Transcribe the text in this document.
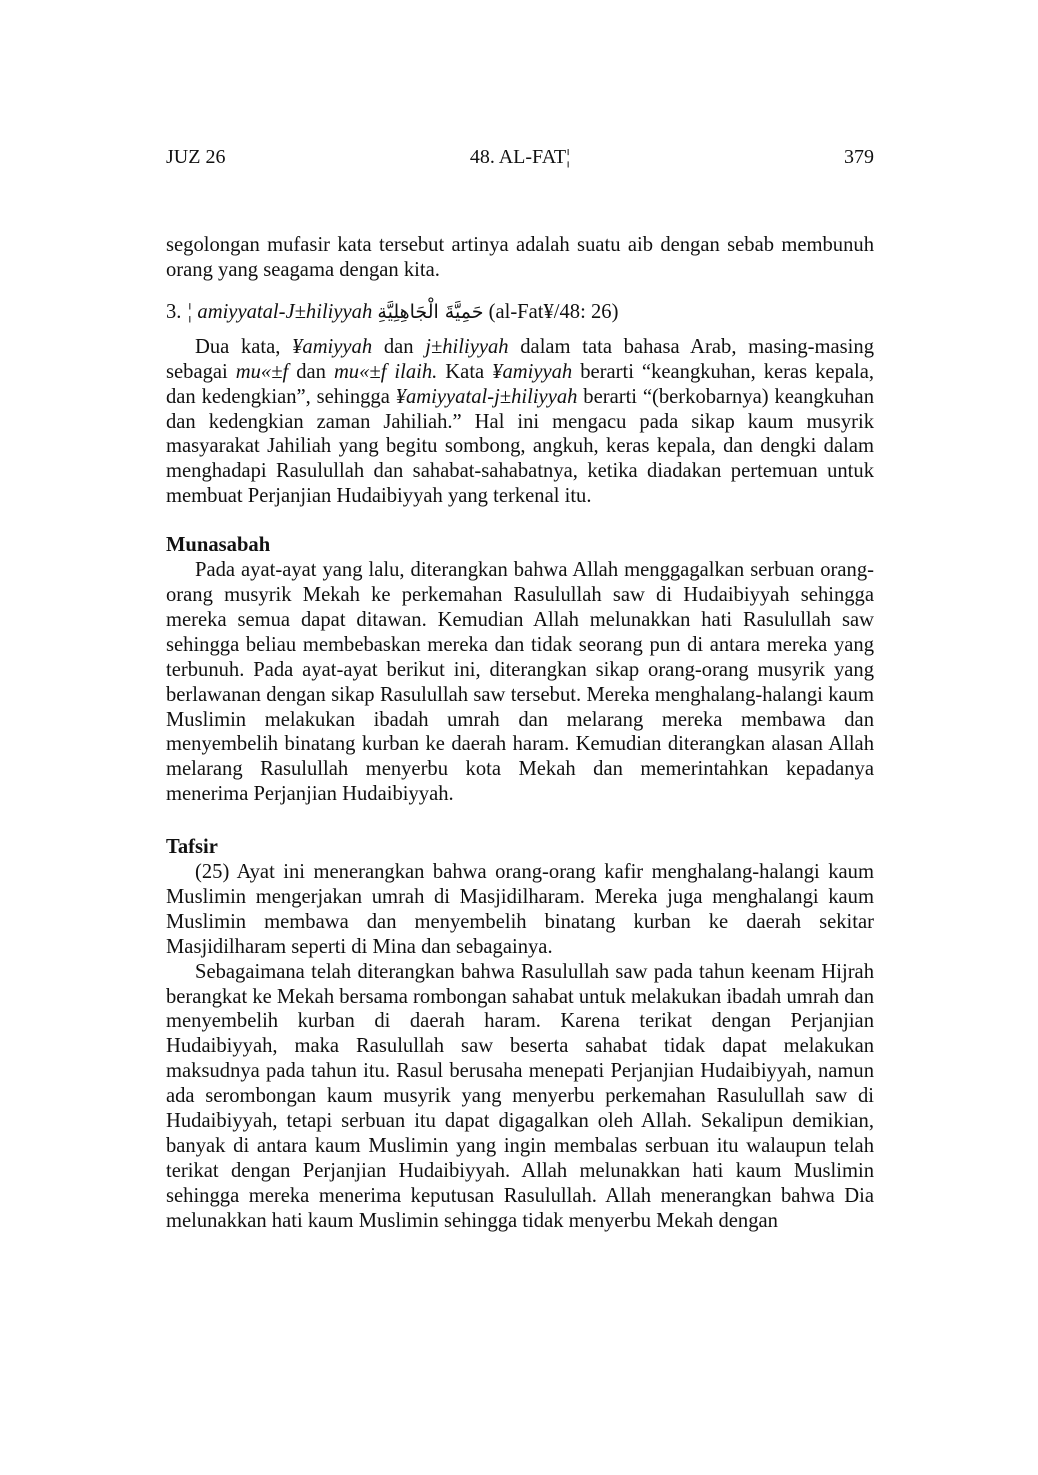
JUZ 26	48. AL-FAT¦	379

segolongan mufasir kata tersebut artinya adalah suatu aib dengan sebab membunuh orang yang seagama dengan kita.

3. ¦ amiyyatal-J±hiliyyah حَمِيَّةَ الْجَاهِلِيَّةِ (al-Fat¥/48: 26)

Dua kata, ¥amiyyah dan j±hiliyyah dalam tata bahasa Arab, masing-masing sebagai mu«±f dan mu«±f ilaih. Kata ¥amiyyah berarti “keangkuhan, keras kepala, dan kedengkian”, sehingga ¥amiyyatal-j±hiliyyah berarti “(berkobarnya) keangkuhan dan kedengkian zaman Jahiliah.” Hal ini mengacu pada sikap kaum musyrik masyarakat Jahiliah yang begitu sombong, angkuh, keras kepala, dan dengki dalam menghadapi Rasulullah dan sahabat-sahabatnya, ketika diadakan pertemuan untuk membuat Perjanjian Hudaibiyyah yang terkenal itu.

Munasabah

Pada ayat-ayat yang lalu, diterangkan bahwa Allah menggagalkan serbuan orang-orang musyrik Mekah ke perkemahan Rasulullah saw di Hudaibiyyah sehingga mereka semua dapat ditawan. Kemudian Allah melunakkan hati Rasulullah saw sehingga beliau membebaskan mereka dan tidak seorang pun di antara mereka yang terbunuh. Pada ayat-ayat berikut ini, diterangkan sikap orang-orang musyrik yang berlawanan dengan sikap Rasulullah saw tersebut. Mereka menghalang-halangi kaum Muslimin melakukan ibadah umrah dan melarang mereka membawa dan menyembelih binatang kurban ke daerah haram. Kemudian diterangkan alasan Allah melarang Rasulullah menyerbu kota Mekah dan memerintahkan kepadanya menerima Perjanjian Hudaibiyyah.

Tafsir

(25) Ayat ini menerangkan bahwa orang-orang kafir menghalang-halangi kaum Muslimin mengerjakan umrah di Masjidilharam. Mereka juga menghalangi kaum Muslimin membawa dan menyembelih binatang kurban ke daerah sekitar Masjidilharam seperti di Mina dan sebagainya.

Sebagaimana telah diterangkan bahwa Rasulullah saw pada tahun keenam Hijrah berangkat ke Mekah bersama rombongan sahabat untuk melakukan ibadah umrah dan menyembelih kurban di daerah haram. Karena terikat dengan Perjanjian Hudaibiyyah, maka Rasulullah saw beserta sahabat tidak dapat melakukan maksudnya pada tahun itu. Rasul berusaha menepati Perjanjian Hudaibiyyah, namun ada serombongan kaum musyrik yang menyerbu perkemahan Rasulullah saw di Hudaibiyyah, tetapi serbuan itu dapat digagalkan oleh Allah. Sekalipun demikian, banyak di antara kaum Muslimin yang ingin membalas serbuan itu walaupun telah terikat dengan Perjanjian Hudaibiyyah. Allah melunakkan hati kaum Muslimin sehingga mereka menerima keputusan Rasulullah. Allah menerangkan bahwa Dia melunakkan hati kaum Muslimin sehingga tidak menyerbu Mekah dengan
